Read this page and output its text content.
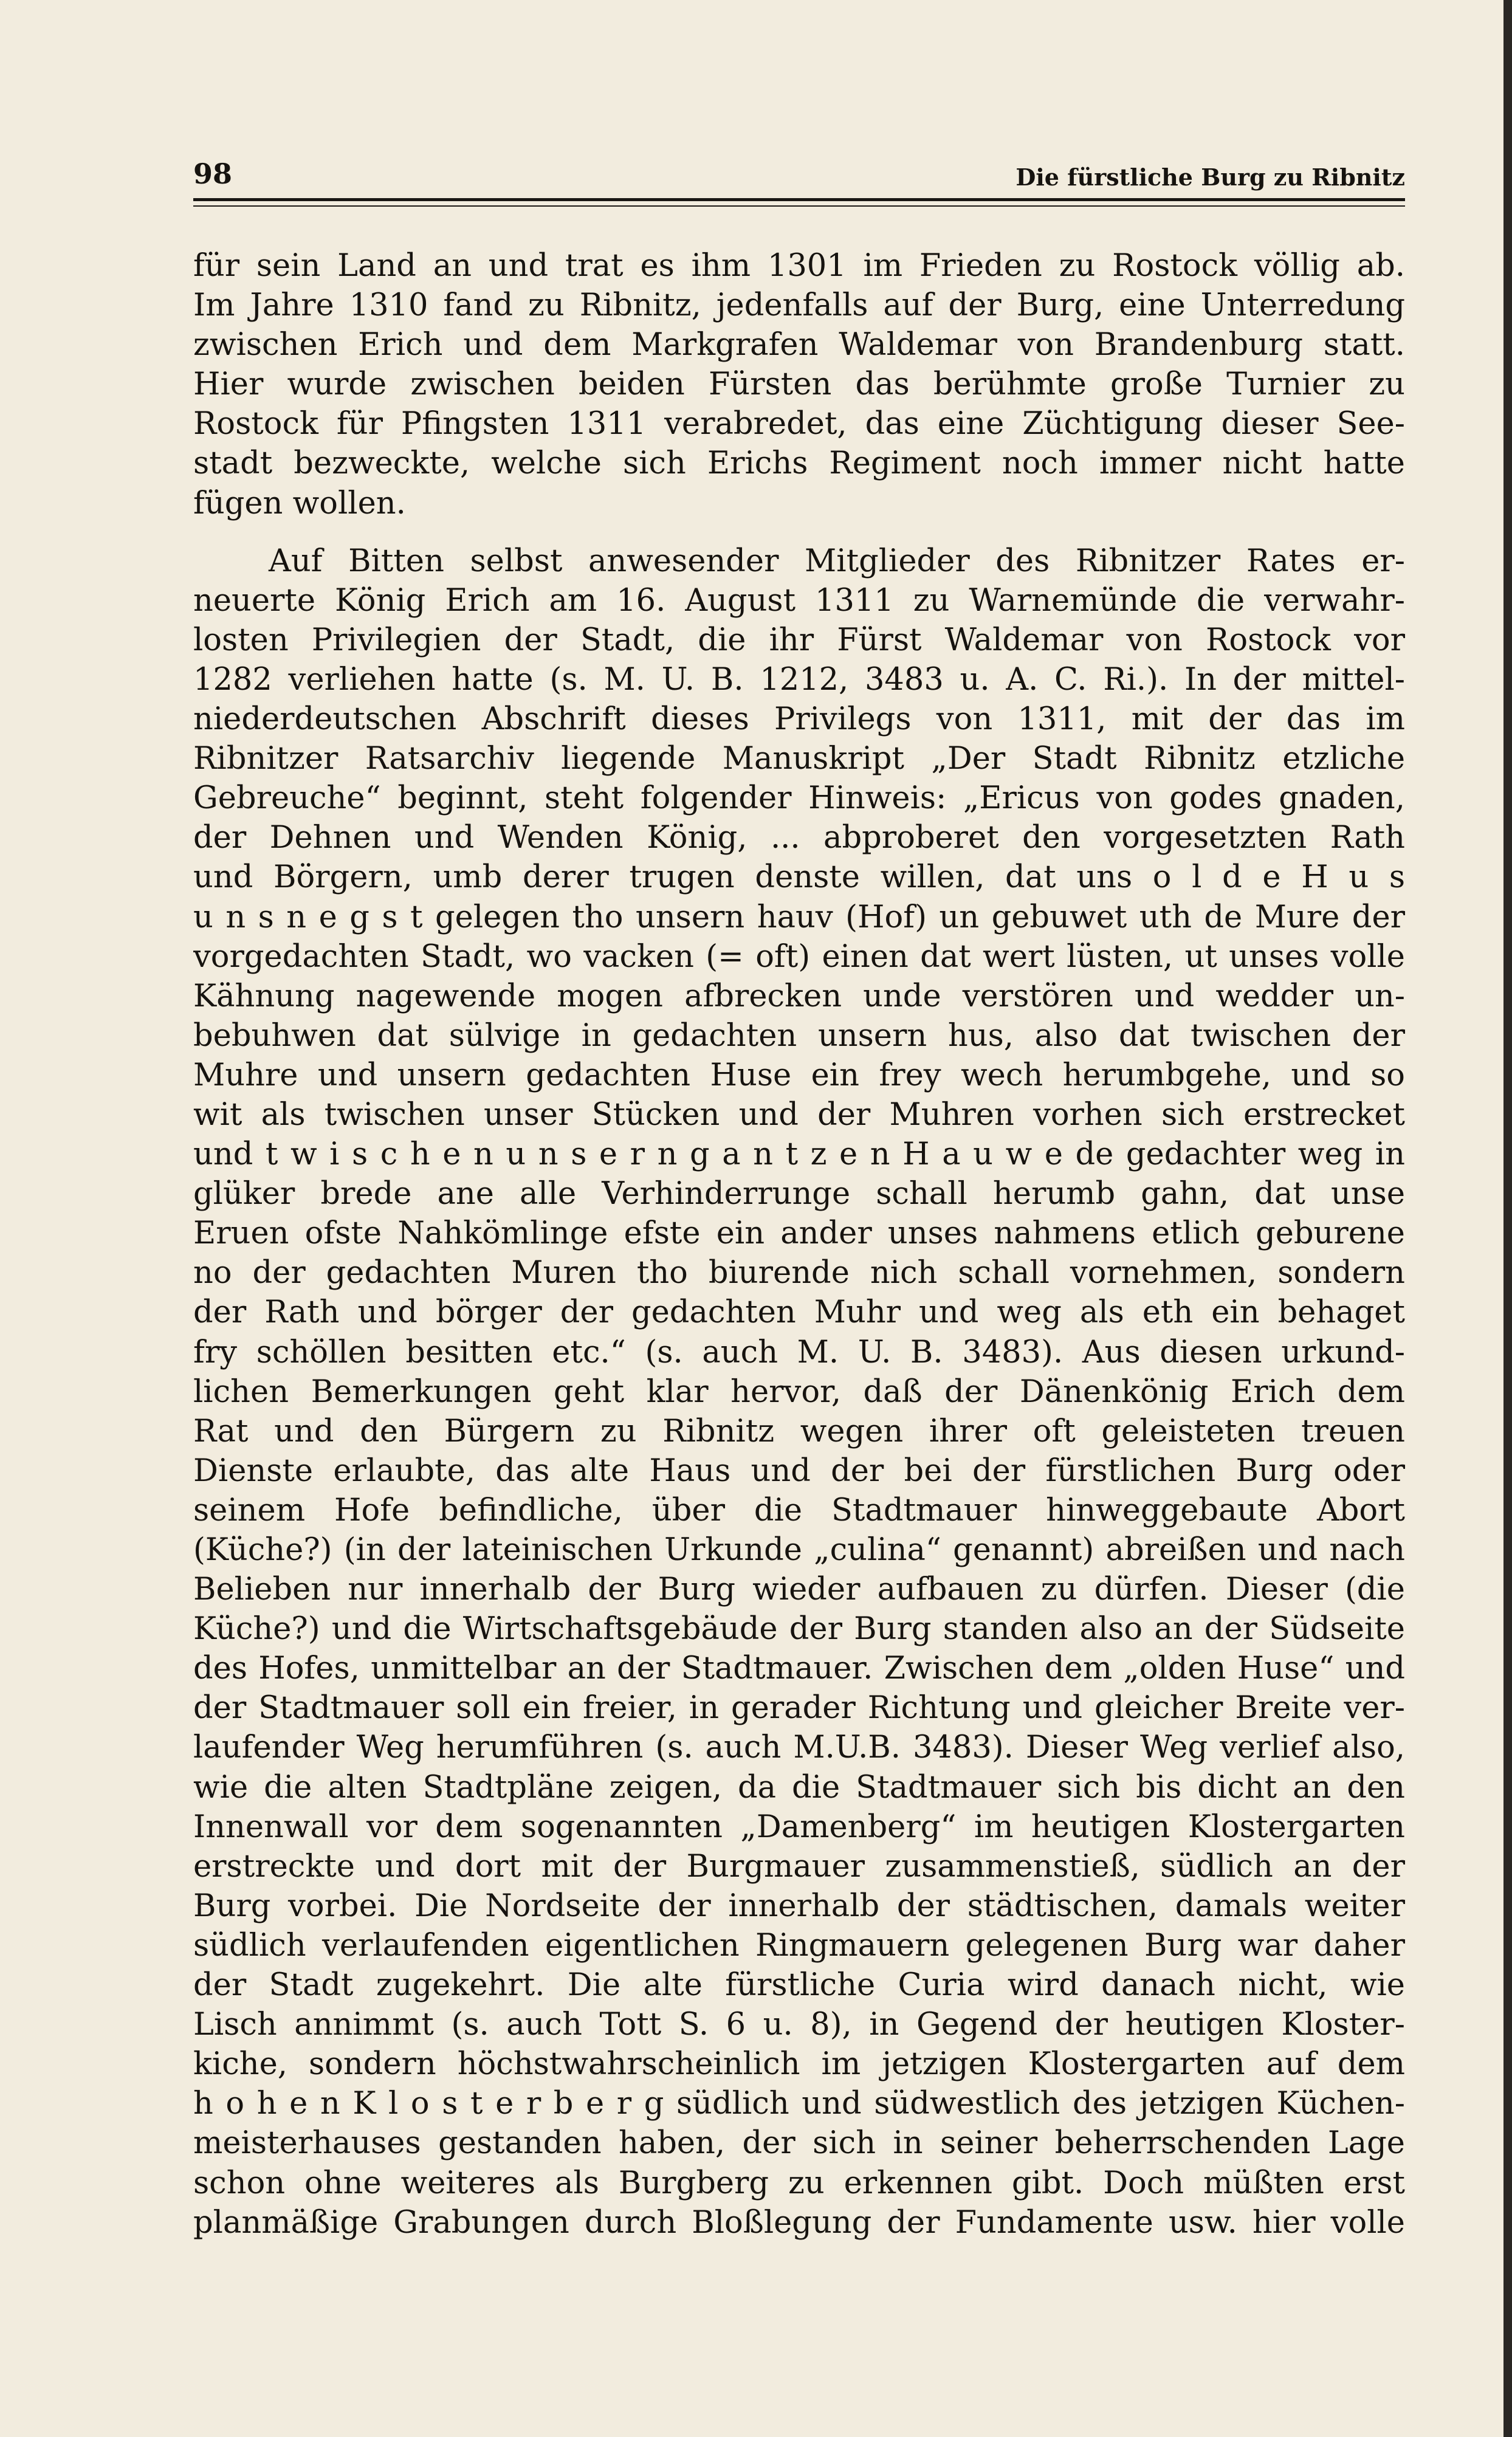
98	Die fürstliche Burg zu Ribnitz
für sein Land an und trat es ihm 1301 im Frieden zu Rostock völlig ab.
Im Jahre 1310 fand zu Ribnitz, jedenfalls auf der Burg, eine Unterredung
zwischen Erich und dem Markgrafen Waldemar von Brandenburg statt.
Hier wurde zwischen beiden Fürsten das berühmte große Turnier zu
Rostock für Pfingsten 1311 verabredet, das eine Züchtigung dieser See-
stadt bezweckte, welche sich Erichs Regiment noch immer nicht hatte
fügen wollen.
Auf Bitten selbst anwesender Mitglieder des Ribnitzer Rates er-
neuerte König Erich am 16. August 1311 zu Warnemünde die verwahr-
losten Privilegien der Stadt, die ihr Fürst Waldemar von Rostock vor
1282 verliehen hatte (s. M. U. B. 1212, 3483 u. A. C. Ri.). In der mittel-
niederdeutschen Abschrift dieses Privilegs von 1311, mit der das im
Ribnitzer Ratsarchiv liegende Manuskript „Der Stadt Ribnitz etzliche
Gebreuche“ beginnt, steht folgender Hinweis: „Ericus von godes gnaden,
der Dehnen und Wenden König, ... abproberet den vorgesetzten Rath
und Börgern, umb derer trugen denste willen, dat uns o l d e H u s
u n s n e g s t gelegen tho unsern hauv (Hof) un gebuwet uth de Mure der
vorgedachten Stadt, wo vacken (= oft) einen dat wert lüsten, ut unses volle
Kähnung nagewende mogen afbrecken unde verstören und wedder un-
bebuhwen dat sülvige in gedachten unsern hus, also dat twischen der
Muhre und unsern gedachten Huse ein frey wech herumbgehe, und so
wit als twischen unser Stücken und der Muhren vorhen sich erstrecket
und t w i s c h e n u n s e r n g a n t z e n H a u w e de gedachter weg in
glüker brede ane alle Verhinderrunge schall herumb gahn, dat unse
Eruen ofste Nahkömlinge efste ein ander unses nahmens etlich geburene
no der gedachten Muren tho biurende nich schall vornehmen, sondern
der Rath und börger der gedachten Muhr und weg als eth ein behaget
fry schöllen besitten etc.“ (s. auch M. U. B. 3483). Aus diesen urkund-
lichen Bemerkungen geht klar hervor, daß der Dänenkönig Erich dem
Rat und den Bürgern zu Ribnitz wegen ihrer oft geleisteten treuen
Dienste erlaubte, das alte Haus und der bei der fürstlichen Burg oder
seinem Hofe befindliche, über die Stadtmauer hinweggebaute Abort
(Küche?) (in der lateinischen Urkunde „culina“ genannt) abreißen und nach
Belieben nur innerhalb der Burg wieder aufbauen zu dürfen. Dieser (die
Küche?) und die Wirtschaftsgebäude der Burg standen also an der Südseite
des Hofes, unmittelbar an der Stadtmauer. Zwischen dem „olden Huse“ und
der Stadtmauer soll ein freier, in gerader Richtung und gleicher Breite ver-
laufender Weg herumführen (s. auch M.U.B. 3483). Dieser Weg verlief also,
wie die alten Stadtpläne zeigen, da die Stadtmauer sich bis dicht an den
Innenwall vor dem sogenannten „Damenberg“ im heutigen Klostergarten
erstreckte und dort mit der Burgmauer zusammenstieß, südlich an der
Burg vorbei. Die Nordseite der innerhalb der städtischen, damals weiter
südlich verlaufenden eigentlichen Ringmauern gelegenen Burg war daher
der Stadt zugekehrt. Die alte fürstliche Curia wird danach nicht, wie
Lisch annimmt (s. auch Tott S. 6 u. 8), in Gegend der heutigen Kloster-
kiche, sondern höchstwahrscheinlich im jetzigen Klostergarten auf dem
h o h e n K l o s t e r b e r g südlich und südwestlich des jetzigen Küchen-
meisterhauses gestanden haben, der sich in seiner beherrschenden Lage
schon ohne weiteres als Burgberg zu erkennen gibt. Doch müßten erst
planmäßige Grabungen durch Bloßlegung der Fundamente usw. hier volle
